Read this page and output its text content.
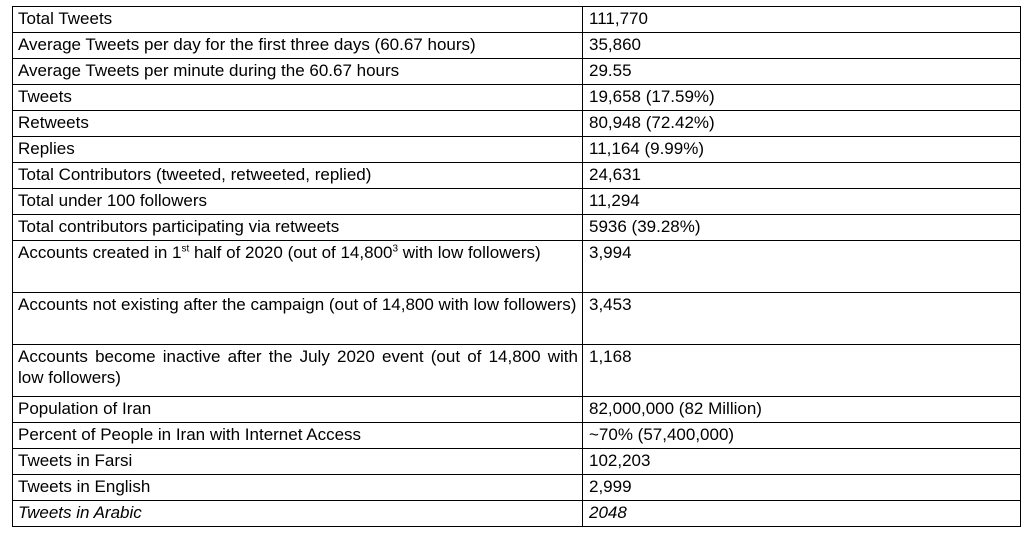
Total Tweets	111,770
Average Tweets per day for the first three days (60.67 hours)	35,860
Average Tweets per minute during the 60.67 hours	29.55
Tweets	19,658 (17.59%)
Retweets	80,948 (72.42%)
Replies	11,164 (9.99%)
Total Contributors (tweeted, retweeted, replied)	24,631
Total under 100 followers	11,294
Total contributors participating via retweets	5936 (39.28%)
Accounts created in 1st half of 2020 (out of 14,800$^3$ with low followers)	3,994
Accounts not existing after the campaign (out of 14,800 with low followers)	3,453
Accounts become inactive after the July 2020 event (out of 14,800 with low followers)	1,168
Population of Iran	82,000,000 (82 Million)
Percent of People in Iran with Internet Access	~70% (57,400,000)
Tweets in Farsi	102,203
Tweets in English	2,999
Tweets in Arabic	2048
